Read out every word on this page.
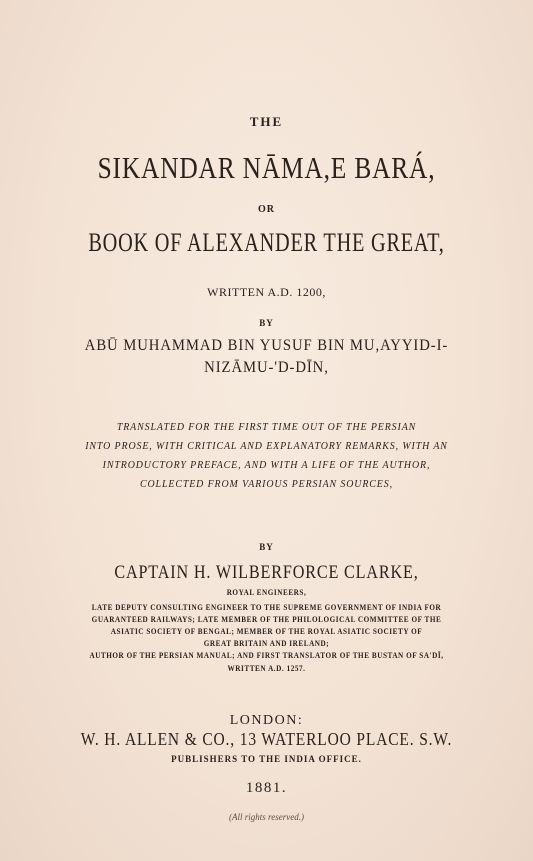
THE
SIKANDAR NĀMA,E BARÁ,
OR
BOOK OF ALEXANDER THE GREAT,
WRITTEN A.D. 1200,
BY
ABŪ MUHAMMAD BIN YUSUF BIN MU,AYYID-I-
NIZĀMU-'D-DĪN,
TRANSLATED FOR THE FIRST TIME OUT OF THE PERSIAN
INTO PROSE, WITH CRITICAL AND EXPLANATORY REMARKS, WITH AN
INTRODUCTORY PREFACE, AND WITH A LIFE OF THE AUTHOR,
COLLECTED FROM VARIOUS PERSIAN SOURCES,
BY
CAPTAIN H. WILBERFORCE CLARKE,
ROYAL ENGINEERS,
LATE DEPUTY CONSULTING ENGINEER TO THE SUPREME GOVERNMENT OF INDIA FOR
GUARANTEED RAILWAYS; LATE MEMBER OF THE PHILOLOGICAL COMMITTEE OF THE
ASIATIC SOCIETY OF BENGAL; MEMBER OF THE ROYAL ASIATIC SOCIETY OF
GREAT BRITAIN AND IRELAND;
AUTHOR OF THE PERSIAN MANUAL; AND FIRST TRANSLATOR OF THE BUSTAN OF SA'DĪ,
WRITTEN A.D. 1257.
LONDON:
W. H. ALLEN & CO., 13 WATERLOO PLACE. S.W.
PUBLISHERS TO THE INDIA OFFICE.
1881.
(All rights reserved.)
